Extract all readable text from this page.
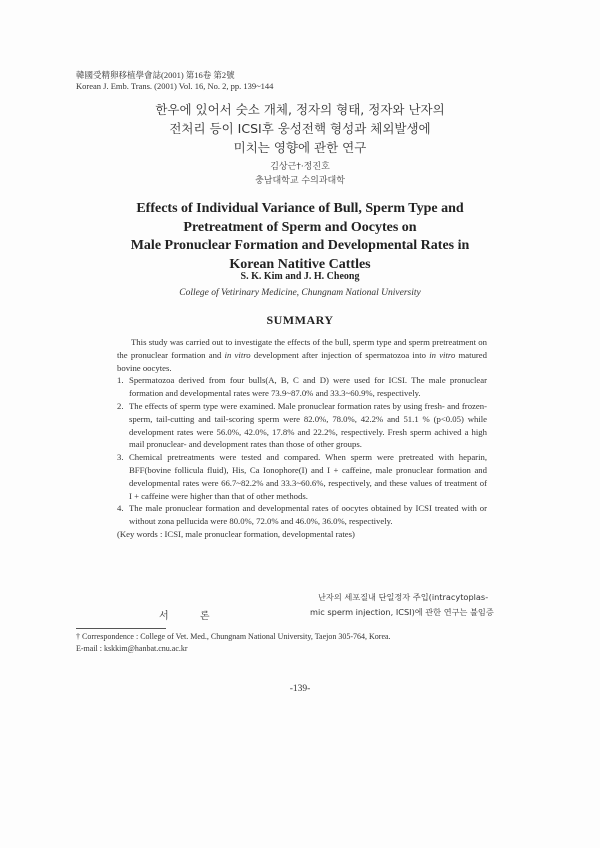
韓國受精卵移植學會誌(2001) 第16卷 第2號
Korean J. Emb. Trans. (2001) Vol. 16, No. 2, pp. 139~144
한우에 있어서 숫소 개체, 정자의 형태, 정자와 난자의
전처리 등이 ICSI후 웅성전핵 형성과 체외발생에
미치는 영향에 관한 연구
김상근†·정진호
충남대학교 수의과대학
Effects of Individual Variance of Bull, Sperm Type and
Pretreatment of Sperm and Oocytes on
Male Pronuclear Formation and Developmental Rates in
Korean Natitive Cattles
S. K. Kim and J. H. Cheong
College of Vetirinary Medicine, Chungnam National University
SUMMARY

This study was carried out to investigate the effects of the bull, sperm type and sperm pretreatment on the pronuclear formation and in vitro development after injection of spermatozoa into in vitro matured bovine oocytes.

1. Spermatozoa derived from four bulls(A, B, C and D) were used for ICSI. The male pronuclear formation and developmental rates were 73.9~87.0% and 33.3~60.9%, respectively.
2. The effects of sperm type were examined. Male pronuclear formation rates by using fresh- and frozen-sperm, tail-cutting and tail-scoring sperm were 82.0%, 78.0%, 42.2% and 51.1 % (p<0.05) while development rates were 56.0%, 42.0%, 17.8% and 22.2%, respectively. Fresh sperm achived a high mail pronuclear- and development rates than those of other groups.
3. Chemical pretreatments were tested and compared. When sperm were pretreated with heparin, BFF(bovine follicula fluid), His, Ca Ionophore(I) and I + caffeine, male pronuclear formation and developmental rates were 66.7~82.2% and 33.3~60.6%, respectively, and these values of treatment of I + caffeine were higher than that of other methods.
4. The male pronuclear formation and developmental rates of oocytes obtained by ICSI treated with or without zona pellucida were 80.0%, 72.0% and 46.0%, 36.0%, respectively.

(Key words : ICSI, male pronuclear formation, developmental rates)

서 론
난자의 세포질내 단일정자 주입(intracytoplas-
mic sperm injection, ICSI)에 관한 연구는 불임증
† Correspondence : College of Vet. Med., Chungnam National University, Taejon 305-764, Korea.
E-mail : kskkim@hanbat.cnu.ac.kr
-139-
